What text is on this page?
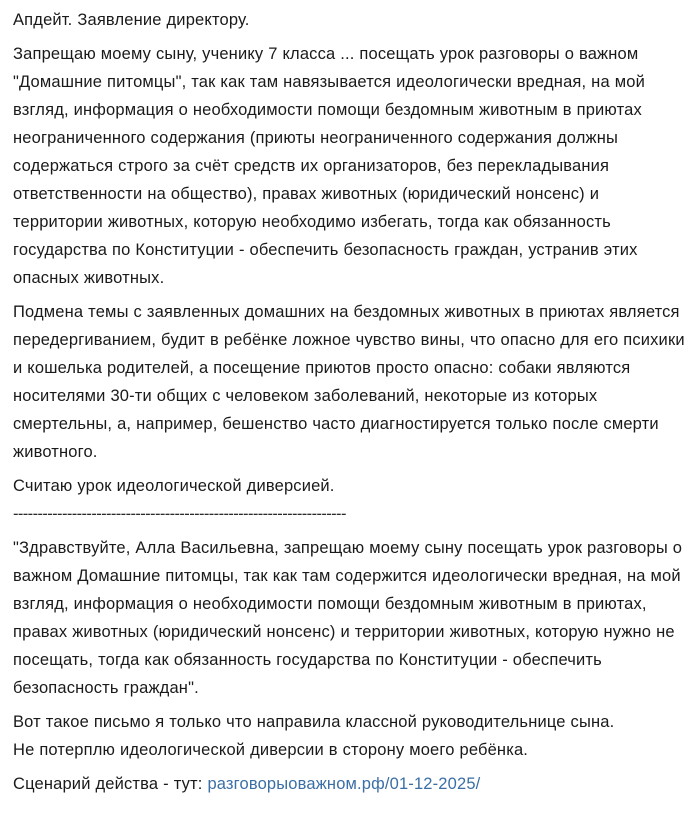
Апдейт. Заявление директору.

Запрещаю моему сыну, ученику 7 класса ... посещать урок разговоры о важном "Домашние питомцы", так как там навязывается идеологически вредная, на мой взгляд, информация о необходимости помощи бездомным животным в приютах неограниченного содержания (приюты неограниченного содержания должны содержаться строго за счёт средств их организаторов, без перекладывания ответственности на общество), правах животных (юридический нонсенс) и территории животных, которую необходимо избегать, тогда как обязанность государства по Конституции - обеспечить безопасность граждан, устранив этих опасных животных.

Подмена темы с заявленных домашних на бездомных животных в приютах является передергиванием, будит в ребёнке ложное чувство вины, что опасно для его психики и кошелька родителей, а посещение приютов просто опасно: собаки являются носителями 30-ти общих с человеком заболеваний, некоторые из которых смертельны, а, например, бешенство часто диагностируется только после смерти животного.

Считаю урок идеологической диверсией.
--------------------------------------------------------------------

"Здравствуйте, Алла Васильевна, запрещаю моему сыну посещать урок разговоры о важном Домашние питомцы, так как там содержится идеологически вредная, на мой взгляд, информация о необходимости помощи бездомным животным в приютах, правах животных (юридический нонсенс) и территории животных, которую нужно не посещать, тогда как обязанность государства по Конституции - обеспечить безопасность граждан".

Вот такое письмо я только что направила классной руководительнице сына.
Не потерплю идеологической диверсии в сторону моего ребёнка.

Сценарий действа - тут: разговорыоважном.рф/01-12-2025/
